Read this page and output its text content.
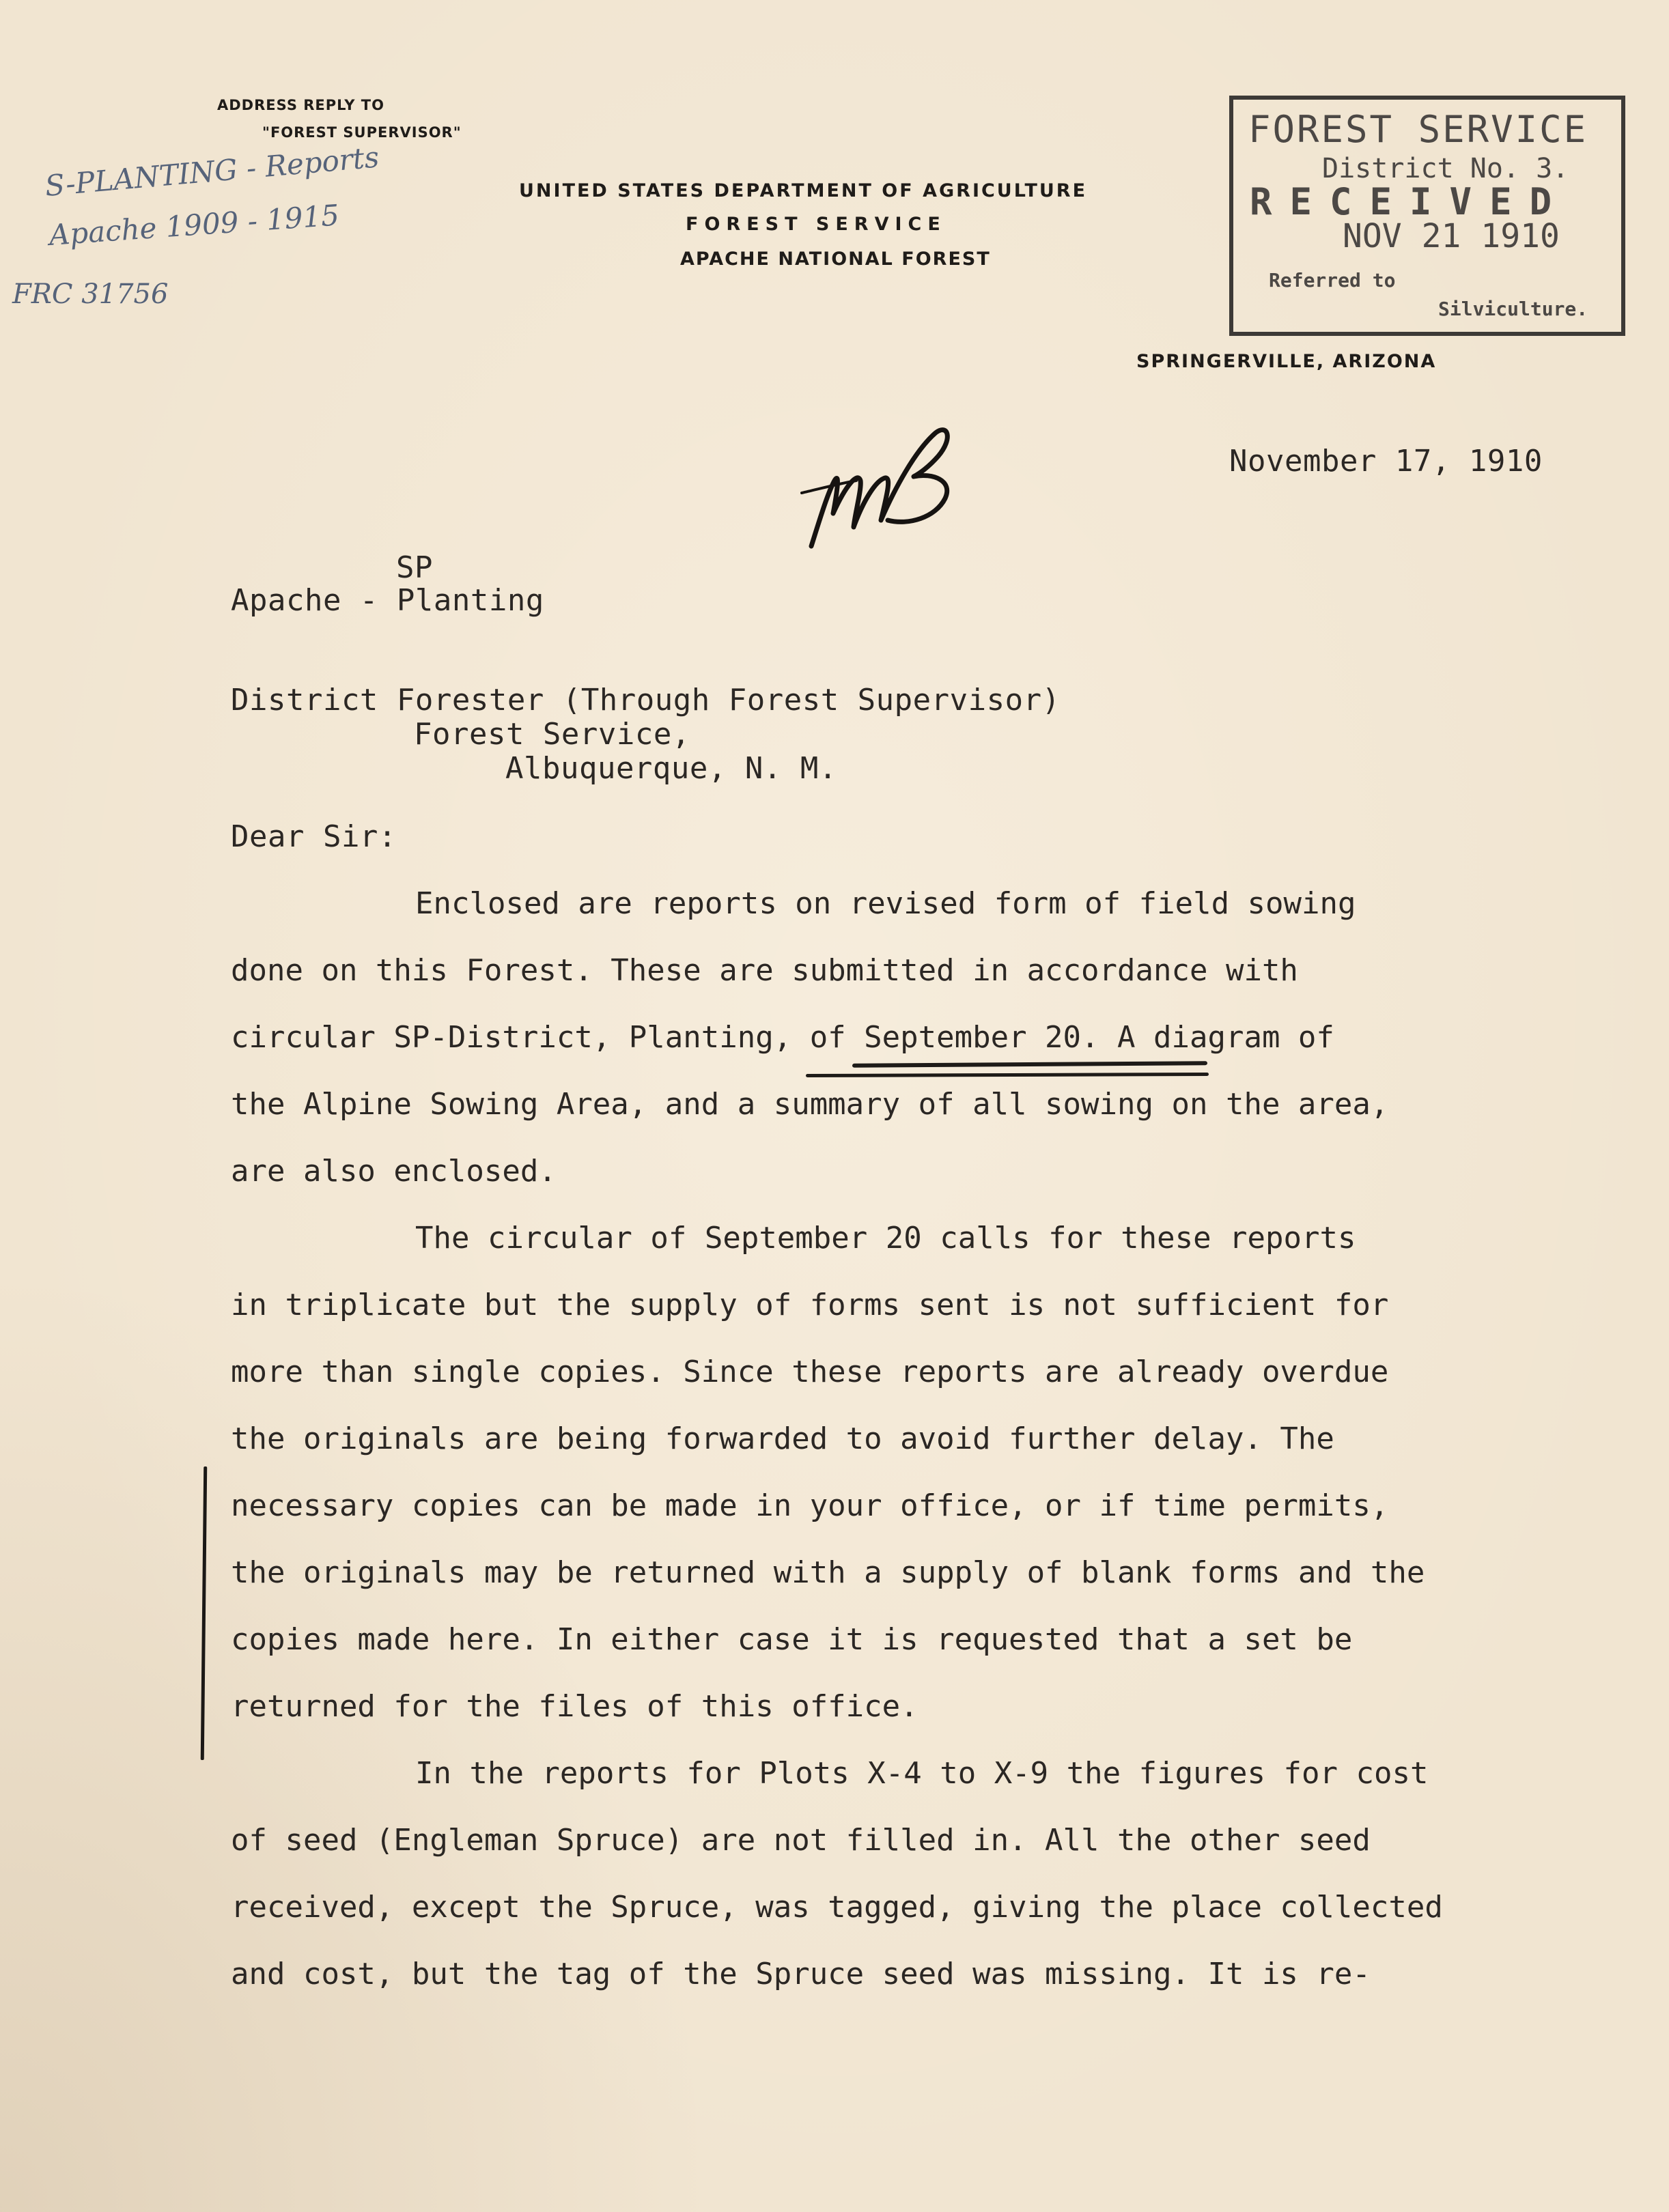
ADDRESS REPLY TO
"FOREST SUPERVISOR"
UNITED STATES DEPARTMENT OF AGRICULTURE
FOREST SERVICE
APACHE NATIONAL FOREST
SPRINGERVILLE, ARIZONA
S-PLANTING - Reports
Apache 1909 - 1915
FRC 31756
FOREST SERVICE
District No. 3.
RECEIVED
NOV 21 1910
Referred to
Silviculture.
November 17, 1910
SP
Apache - Planting
District Forester (Through Forest Supervisor)
Forest Service,
Albuquerque, N. M.
Dear Sir:
Enclosed are reports on revised form of field sowing
done on this Forest. These are submitted in accordance with
circular SP-District, Planting, of September 20. A diagram of
the Alpine Sowing Area, and a summary of all sowing on the area,
are also enclosed.
The circular of September 20 calls for these reports
in triplicate but the supply of forms sent is not sufficient for
more than single copies. Since these reports are already overdue
the originals are being forwarded to avoid further delay. The
necessary copies can be made in your office, or if time permits,
the originals may be returned with a supply of blank forms and the
copies made here. In either case it is requested that a set be
returned for the files of this office.
In the reports for Plots X-4 to X-9 the figures for cost
of seed (Engleman Spruce) are not filled in. All the other seed
received, except the Spruce, was tagged, giving the place collected
and cost, but the tag of the Spruce seed was missing. It is re-
